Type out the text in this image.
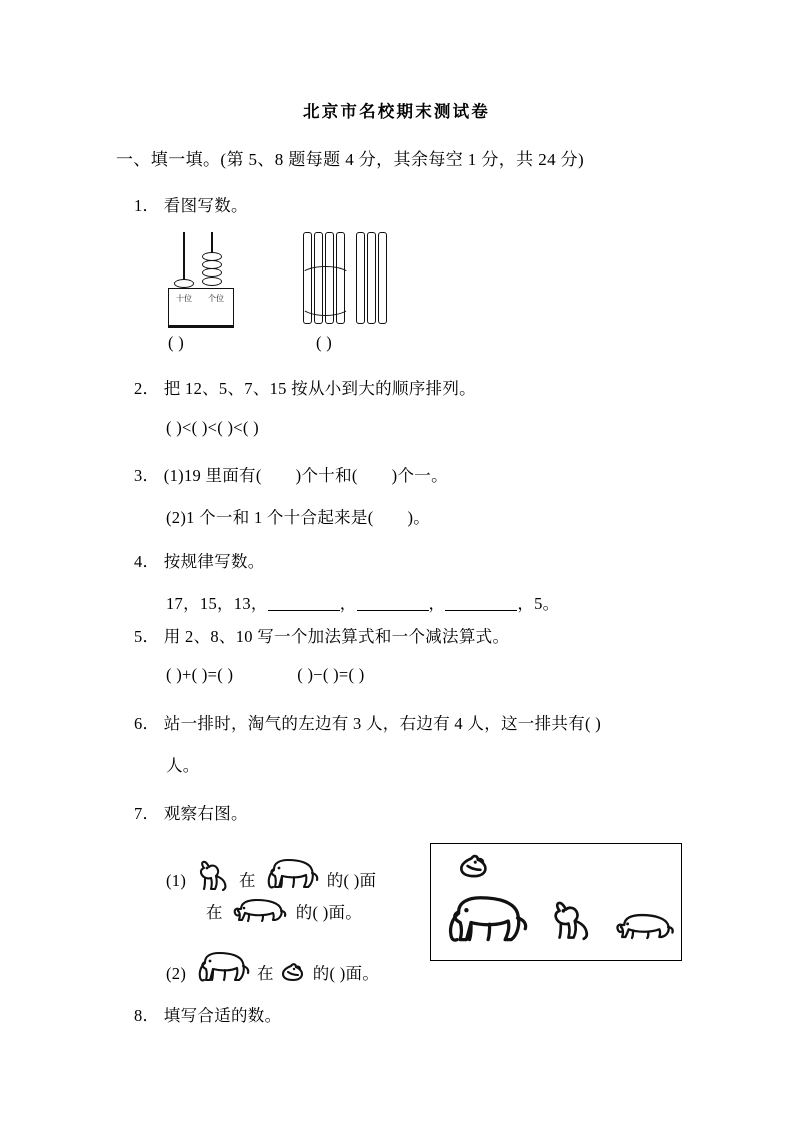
北京市名校期末测试卷
一、填一填。(第 5、8 题每题 4 分，其余每空 1 分，共 24 分)
1． 看图写数。
十位	个位
( )	( )
2． 把 12、5、7、15 按从小到大的顺序排列。
( )<( )<( )<( )
3． (1)19 里面有( )个十和( )个一。
(2)1 个一和 1 个十合起来是( )。
4． 按规律写数。
17，15，13，	，	，	，5。
5． 用 2、8、10 写一个加法算式和一个减法算式。
( )+( )=( )	( )−( )=( )
6． 站一排时，淘气的左边有 3 人，右边有 4 人，这一排共有( )
人。
7． 观察右图。
(1)	在	的( )面
在	的( )面。
(2)	在 的( )面。
8． 填写合适的数。
